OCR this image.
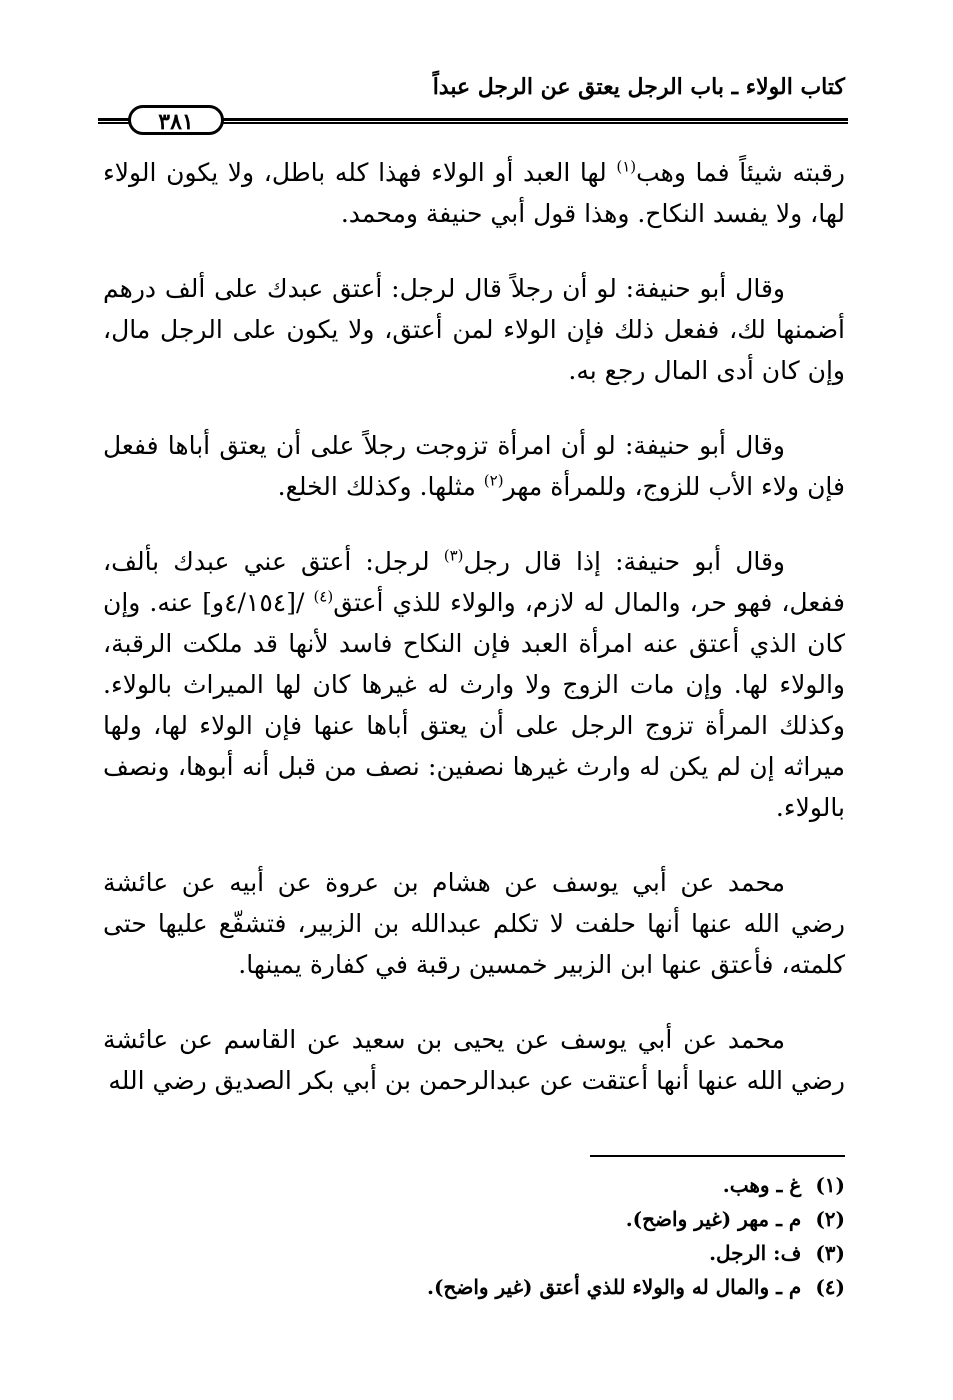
كتاب الولاء ـ باب الرجل يعتق عن الرجل عبداً
٣٨١

رقبته شيئاً فما وهب$^{(١)}$ لها العبد أو الولاء فهذا كله باطل، ولا يكون الولاء لها، ولا يفسد النكاح. وهذا قول أبي حنيفة ومحمد.

وقال أبو حنيفة: لو أن رجلاً قال لرجل: أعتق عبدك على ألف درهم أضمنها لك، ففعل ذلك فإن الولاء لمن أعتق، ولا يكون على الرجل مال، وإن كان أدى المال رجع به.

وقال أبو حنيفة: لو أن امرأة تزوجت رجلاً على أن يعتق أباها ففعل فإن ولاء الأب للزوج، وللمرأة مهر$^{(٢)}$ مثلها. وكذلك الخلع.

وقال أبو حنيفة: إذا قال رجل$^{(٣)}$ لرجل: أعتق عني عبدك بألف، ففعل، فهو حر، والمال له لازم، والولاء للذي أعتق$^{(٤)}$ /[٤/١٥٤و] عنه. وإن كان الذي أعتق عنه امرأة العبد فإن النكاح فاسد لأنها قد ملكت الرقبة، والولاء لها. وإن مات الزوج ولا وارث له غيرها كان لها الميراث بالولاء. وكذلك المرأة تزوج الرجل على أن يعتق أباها عنها فإن الولاء لها، ولها ميراثه إن لم يكن له وارث غيرها نصفين: نصف من قبل أنه أبوها، ونصف بالولاء.

محمد عن أبي يوسف عن هشام بن عروة عن أبيه عن عائشة رضي الله عنها أنها حلفت لا تكلم عبدالله بن الزبير، فتشفّع عليها حتى كلمته، فأعتق عنها ابن الزبير خمسين رقبة في كفارة يمينها.

محمد عن أبي يوسف عن يحيى بن سعيد عن القاسم عن عائشة رضي الله عنها أنها أعتقت عن عبدالرحمن بن أبي بكر الصديق رضي الله

(١)غ ـ وهب.
(٢)م ـ مهر (غير واضح).
(٣)ف: الرجل.
(٤)م ـ والمال له والولاء للذي أعتق (غير واضح).
